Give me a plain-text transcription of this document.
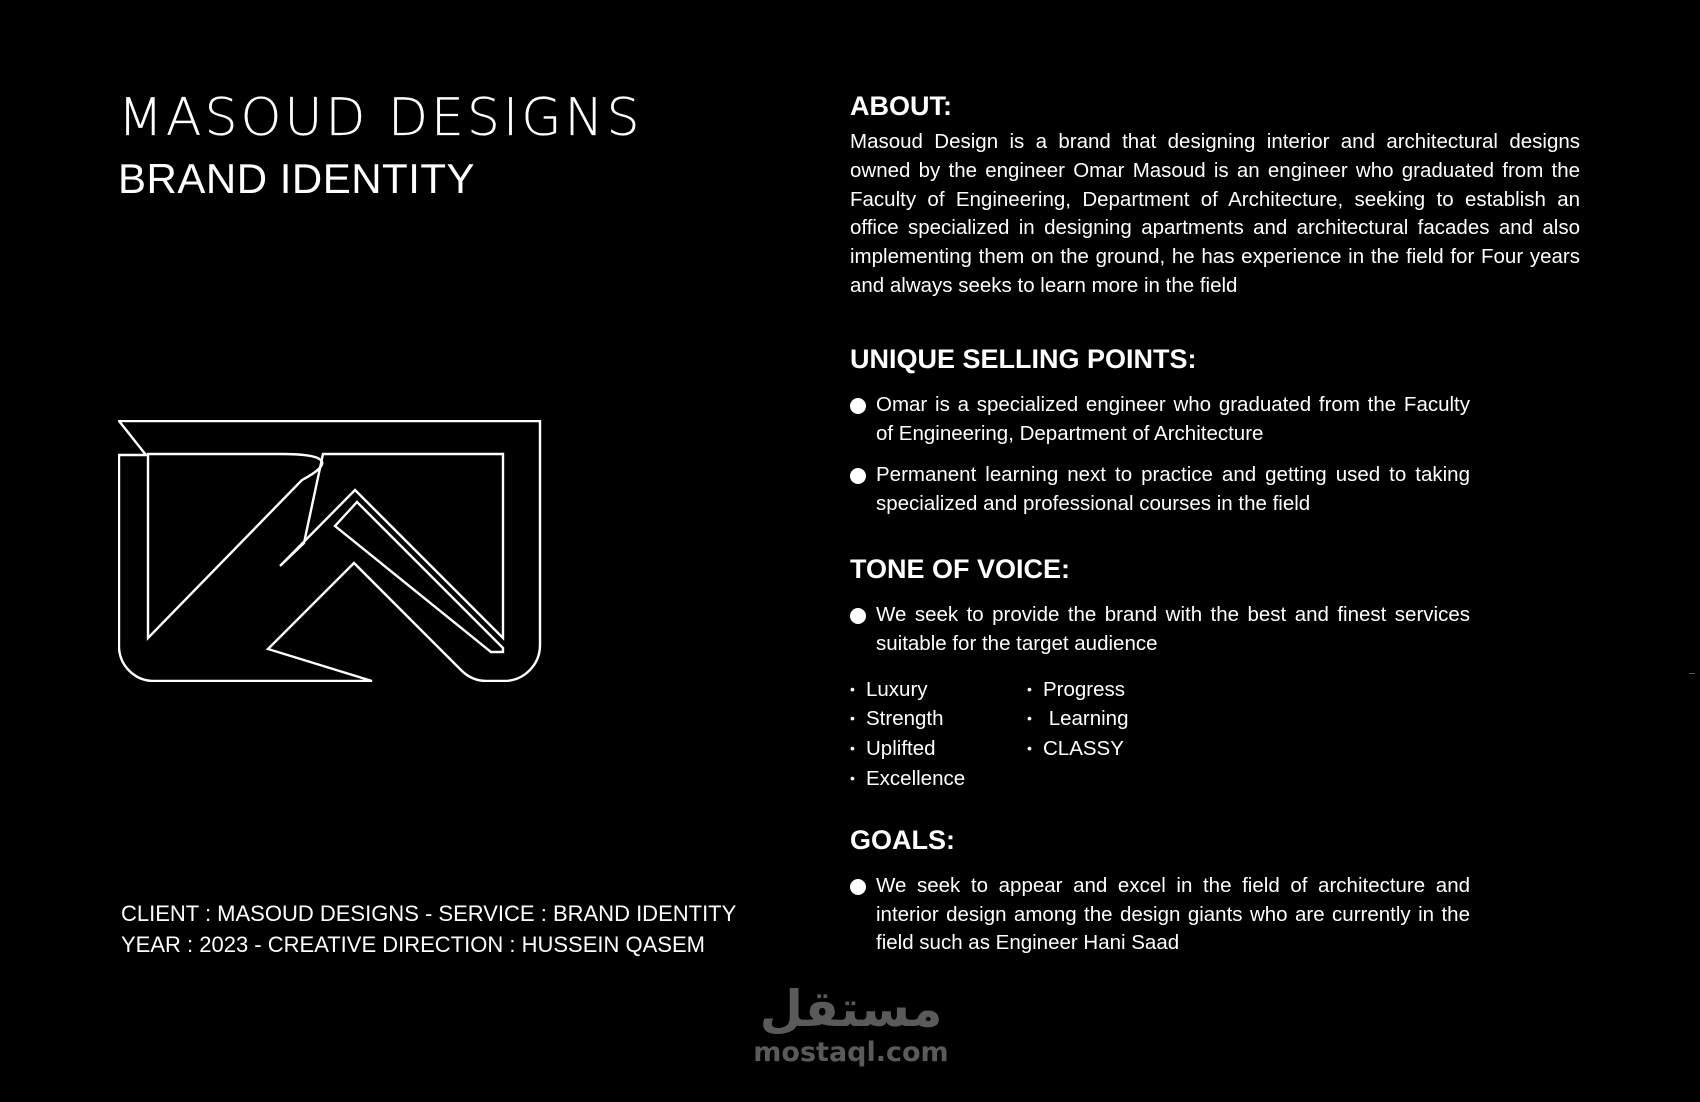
MASOUD DESIGNS
BRAND IDENTITY
CLIENT : MASOUD DESIGNS - SERVICE : BRAND IDENTITY
YEAR : 2023 - CREATIVE DIRECTION : HUSSEIN QASEM
ABOUT:

Masoud Design is a brand that designing interior and architectural designs owned by the engineer Omar Masoud is an engineer who graduated from the Faculty of Engineering, Department of Architecture, seeking to establish an office specialized in designing apartments and architectural facades and also implementing them on the ground, he has experience in the field for Four years and always seeks to learn more in the field

UNIQUE SELLING POINTS:
Omar is a specialized engineer who graduated from the Faculty of Engineering, Department of Architecture
Permanent learning next to practice and getting used to taking specialized and professional courses in the field
TONE OF VOICE:
We seek to provide the brand with the best and finest services suitable for the target audience
• Luxury
• Strength
• Uplifted
• Excellence
• Progress
•  Learning
• CLASSY
GOALS:
We seek to appear and excel in the field of architecture and interior design among the design giants who are currently in the field such as Engineer Hani Saad
مستقل
mostaql.com
